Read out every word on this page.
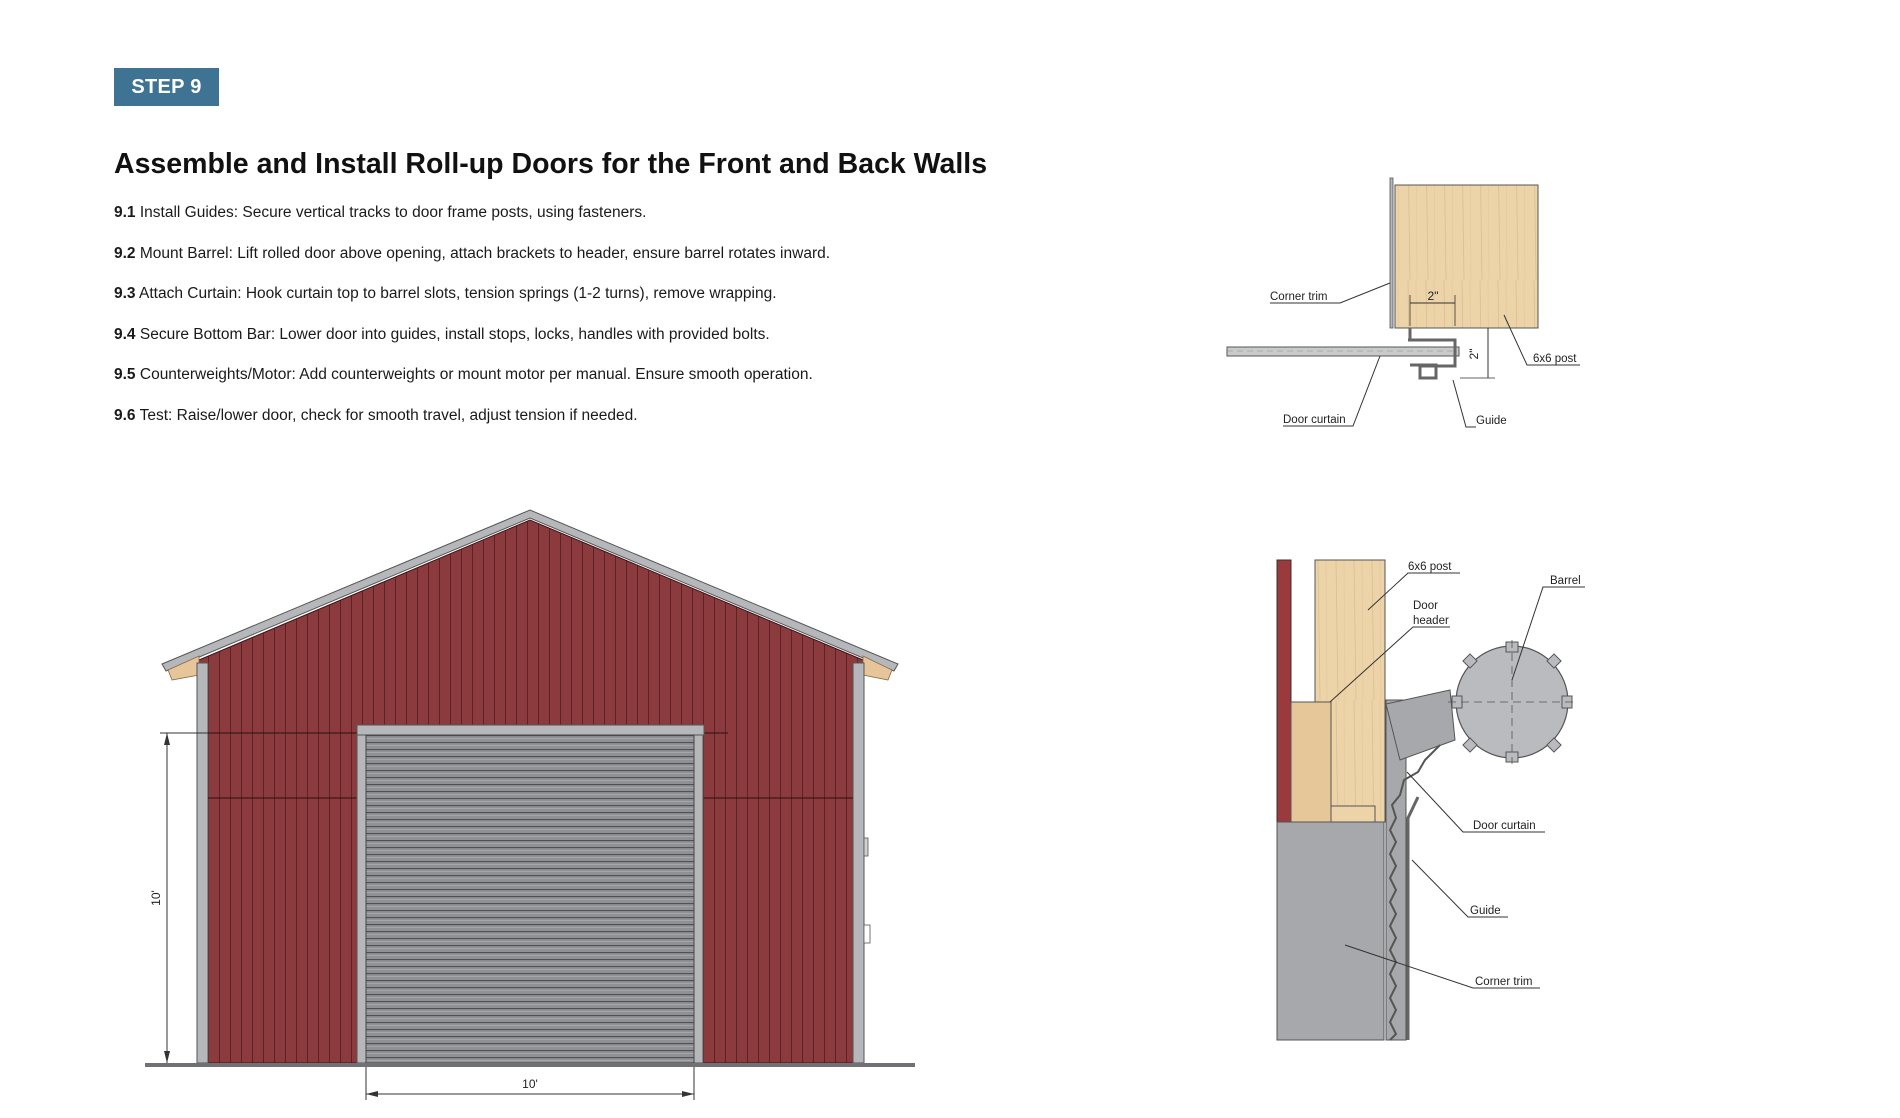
STEP 9
Assemble and Install Roll-up Doors for the Front and Back Walls
9.1 Install Guides: Secure vertical tracks to door frame posts, using fasteners.
9.2 Mount Barrel: Lift rolled door above opening, attach brackets to header, ensure barrel rotates inward.
9.3 Attach Curtain: Hook curtain top to barrel slots, tension springs (1-2 turns), remove wrapping.
9.4 Secure Bottom Bar: Lower door into guides, install stops, locks, handles with provided bolts.
9.5 Counterweights/Motor: Add counterweights or mount motor per manual. Ensure smooth operation.
9.6 Test: Raise/lower door, check for smooth travel, adjust tension if needed.
10'
10'
2"
2"
Corner trim
6x6 post
Door curtain	Guide
6x6 post
Door
header
Barrel
Door curtain
Guide
Corner trim
